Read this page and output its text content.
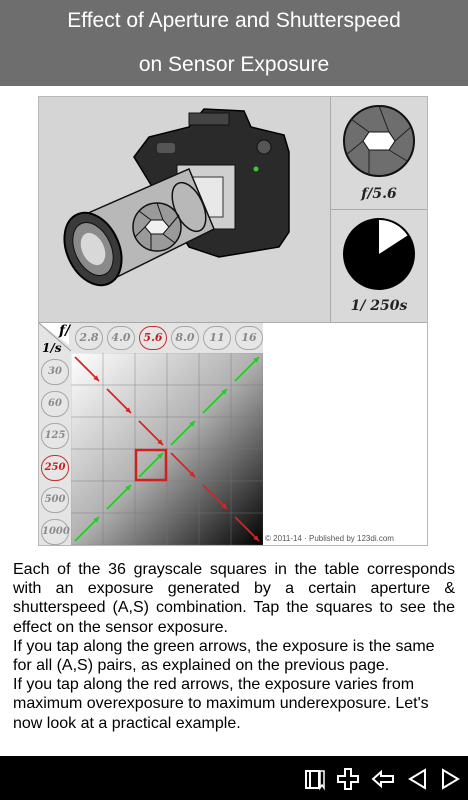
Effect of Aperture and Shutterspeed
on Sensor Exposure
f/5.6
1/ 250s
f/
1/s
2.8	4.0	5.6	8.0	11	16
30
60
125
250
500
1000
© 2011-14 · Published by 123di.com

Each of the 36 grayscale squares in the table corresponds with an exposure generated by a certain aperture & shutterspeed (A,S) combination. Tap the squares to see the effect on the sensor exposure.

If you tap along the green arrows, the exposure is the same for all (A,S) pairs, as explained on the previous page.

If you tap along the red arrows, the exposure varies from maximum overexposure to maximum underexposure. Let's now look at a practical example.
